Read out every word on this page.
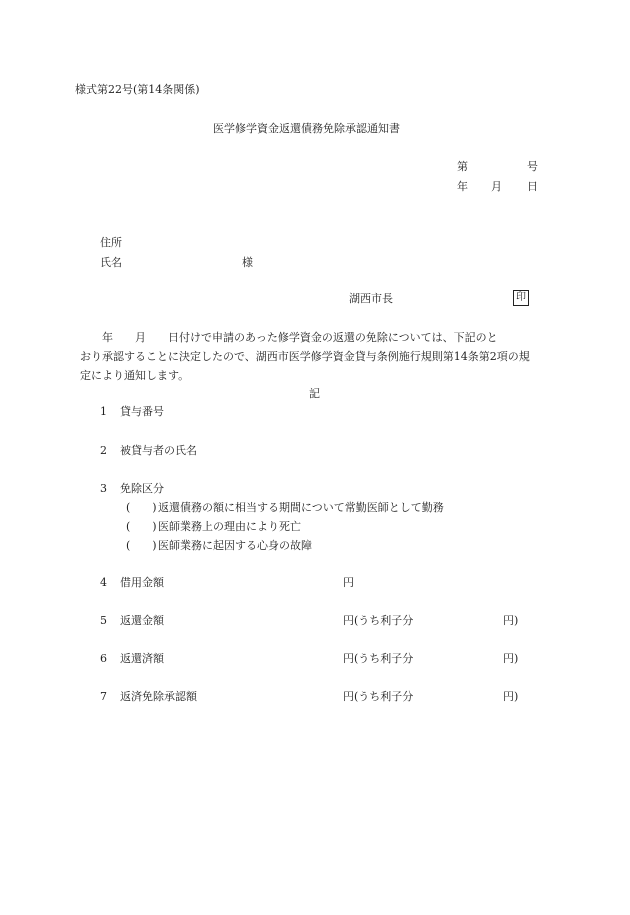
様式第22号(第14条関係)
医学修学資金返還債務免除承認通知書
第	号
年 月 日
住所
氏名	様
湖西市長	印
　　年　　月　　日付けで申請のあった修学資金の返還の免除については、下記のと
おり承認することに決定したので、湖西市医学修学資金貸与条例施行規則第14条第2項の規
定により通知します。
記
1 貸与番号
2 被貸与者の氏名
3 免除区分
(　　) 返還債務の額に相当する期間について常勤医師として勤務
(　　) 医師業務上の理由により死亡
(　　) 医師業務に起因する心身の故障
4 借用金額	円
5 返還金額	円(うち利子分	円)
6 返還済額	円(うち利子分	円)
7 返済免除承認額	円(うち利子分	円)
